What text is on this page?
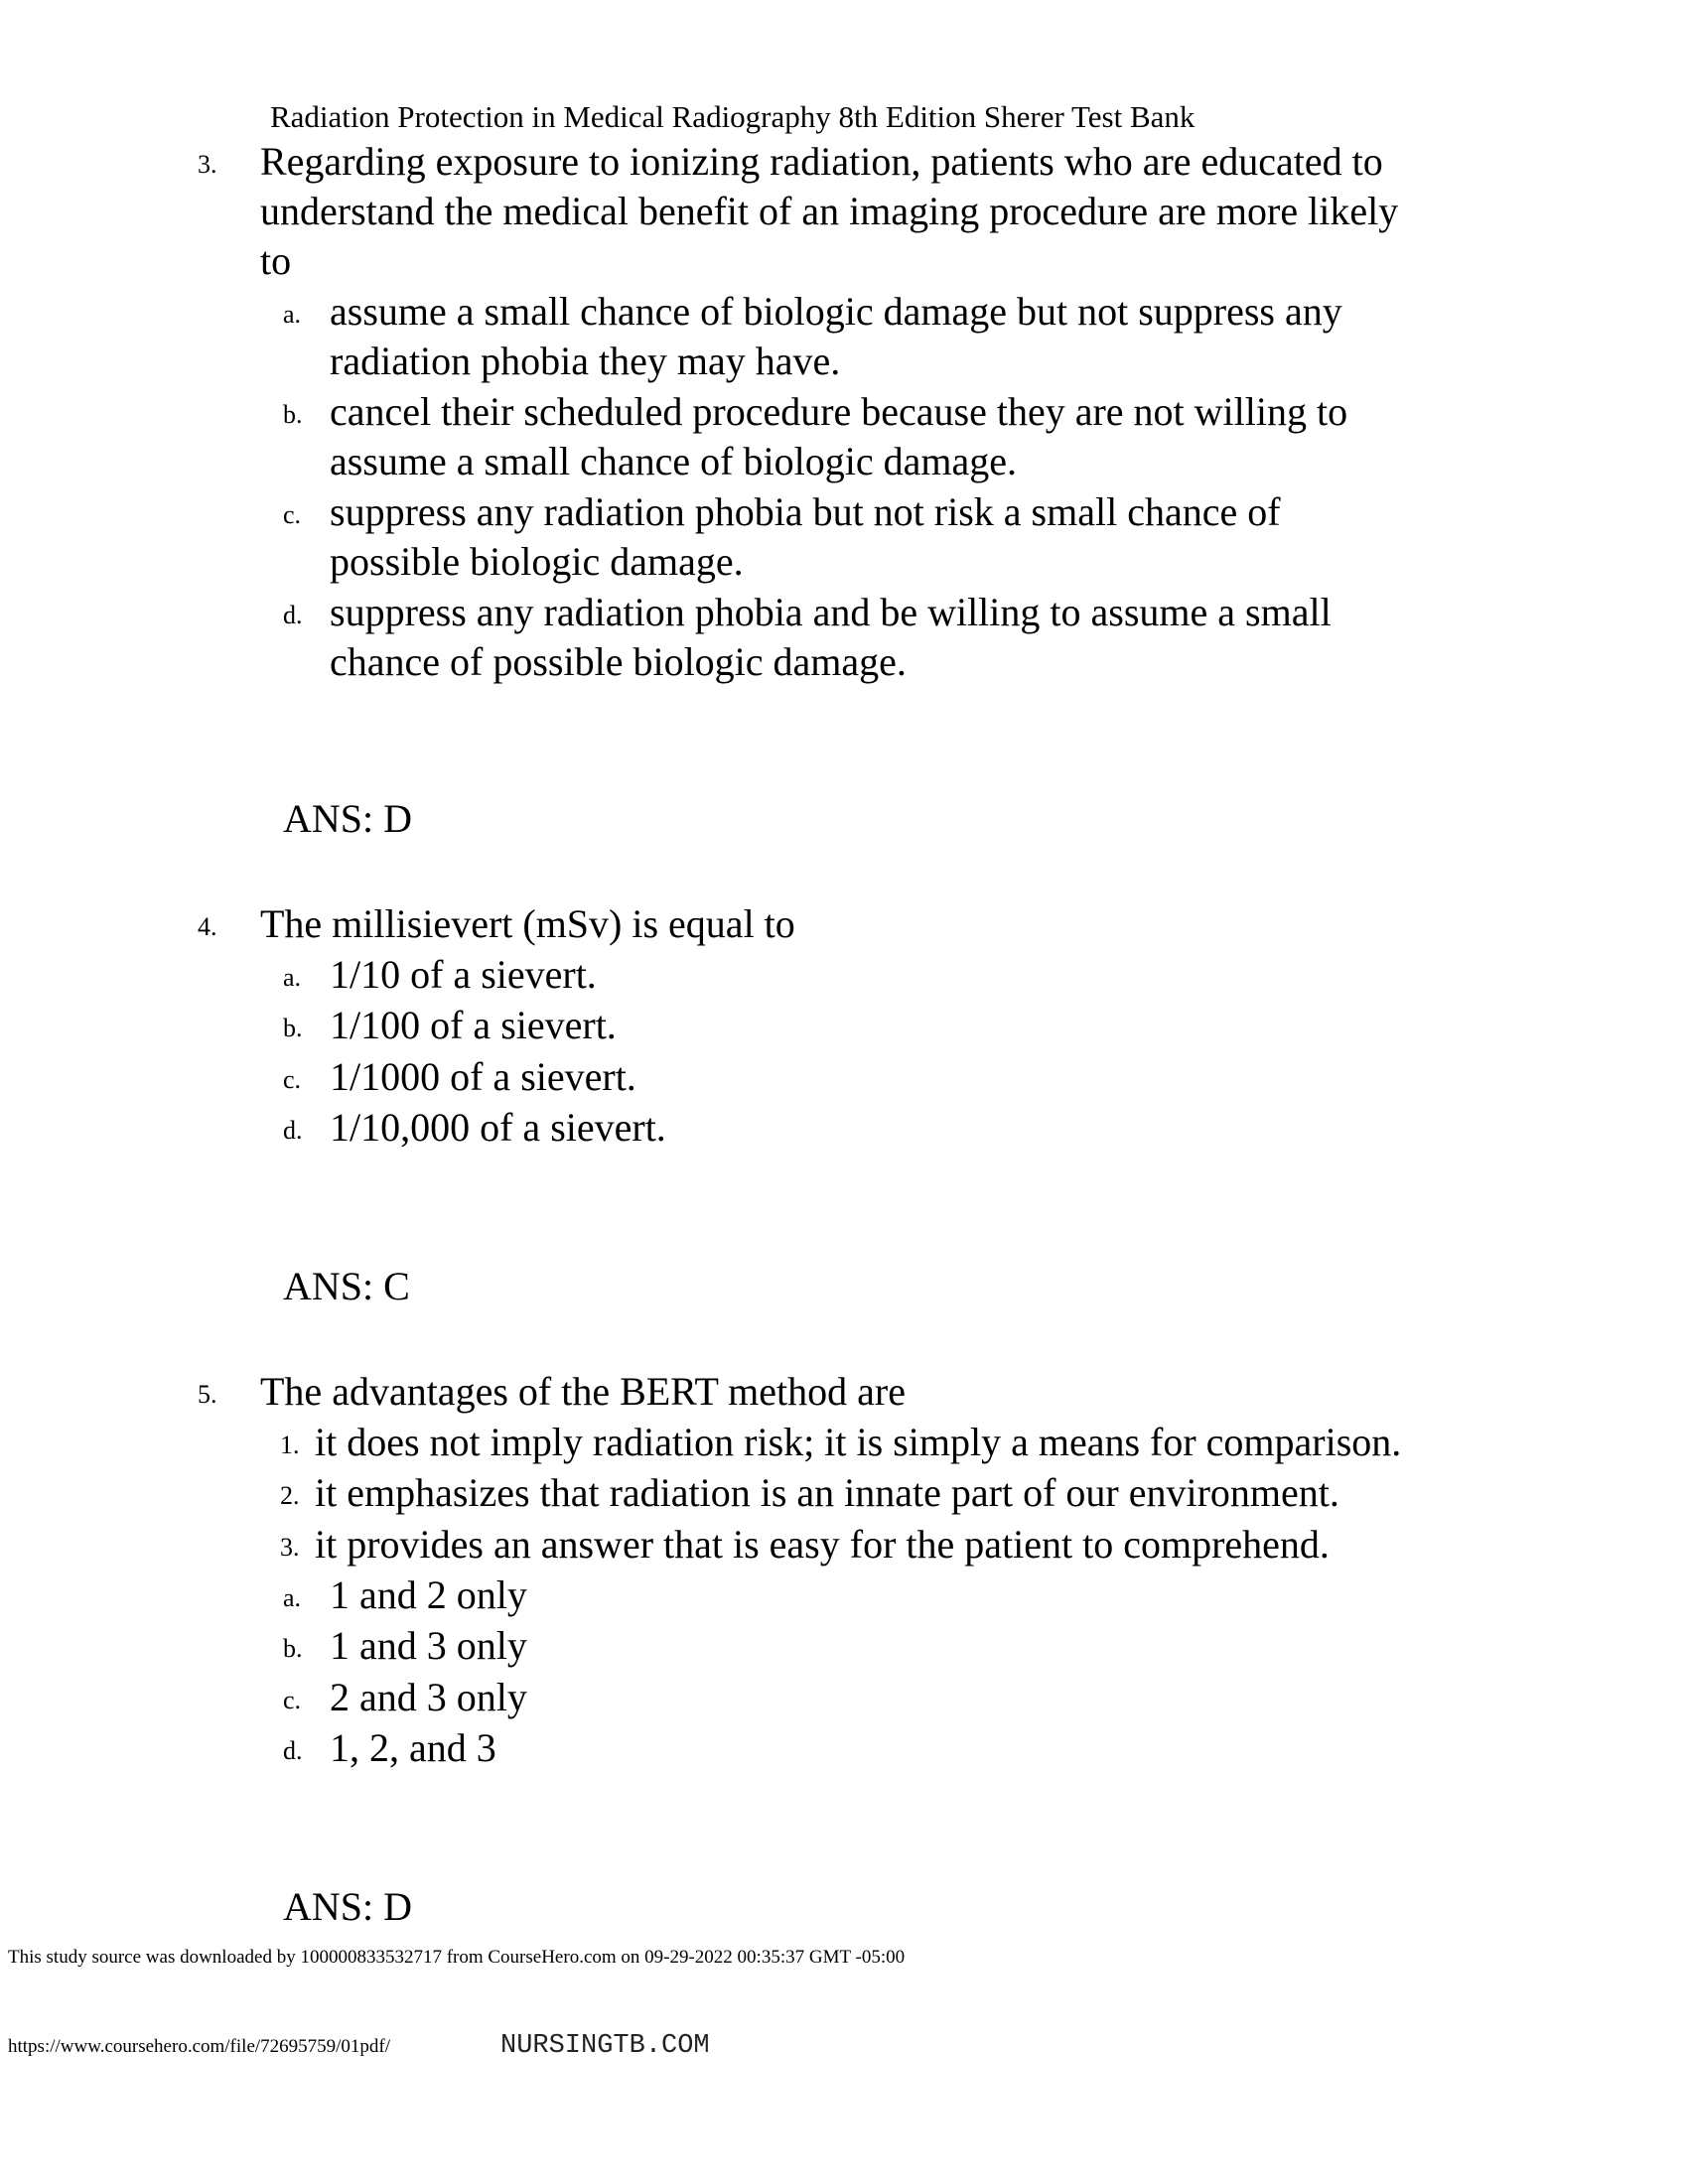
Radiation Protection in Medical Radiography 8th Edition Sherer Test Bank
3. Regarding exposure to ionizing radiation, patients who are educated to
understand the medical benefit of an imaging procedure are more likely
to
a. assume a small chance of biologic damage but not suppress any
radiation phobia they may have.
b. cancel their scheduled procedure because they are not willing to
assume a small chance of biologic damage.
c. suppress any radiation phobia but not risk a small chance of
possible biologic damage.
d. suppress any radiation phobia and be willing to assume a small
chance of possible biologic damage.
ANS: D
4. The millisievert (mSv) is equal to
a. 1/10 of a sievert.
b. 1/100 of a sievert.
c. 1/1000 of a sievert.
d. 1/10,000 of a sievert.
ANS: C
5. The advantages of the BERT method are
1. it does not imply radiation risk; it is simply a means for comparison.
2. it emphasizes that radiation is an innate part of our environment.
3. it provides an answer that is easy for the patient to comprehend.
a. 1 and 2 only
b. 1 and 3 only
c. 2 and 3 only
d. 1, 2, and 3
ANS: D
This study source was downloaded by 100000833532717 from CourseHero.com on 09-29-2022 00:35:37 GMT -05:00
https://www.coursehero.com/file/72695759/01pdf/	NURSINGTB.COM
